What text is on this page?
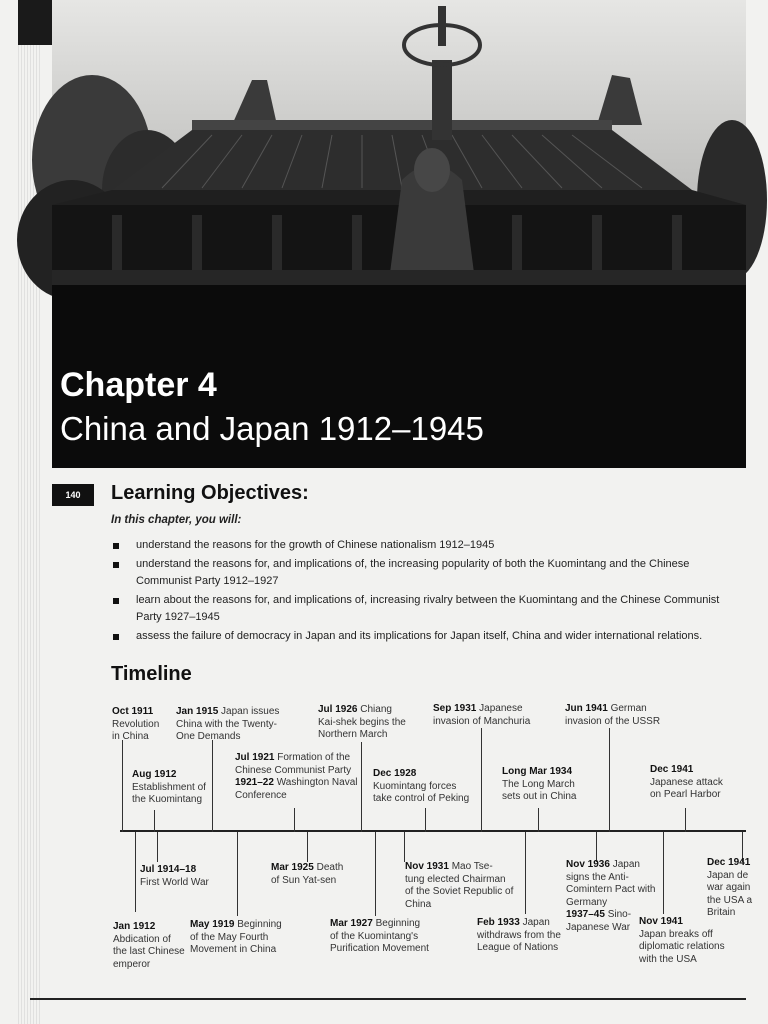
Chapter 4
China and Japan 1912–1945
140	Learning Objectives:
In this chapter, you will:
understand the reasons for the growth of Chinese nationalism 1912–1945
understand the reasons for, and implications of, the increasing popularity of both the Kuomintang and the Chinese
Communist Party 1912–1927
learn about the reasons for, and implications of, increasing rivalry between the Kuomintang and the Chinese Communist
Party 1927–1945
assess the failure of democracy in Japan and its implications for Japan itself, China and wider international relations.
Timeline
Oct 1911
Revolution
in China
Jan 1915 Japan issues
China with the Twenty-
One Demands
Jul 1926 Chiang
Kai-shek begins the
Northern March
Sep 1931 Japanese
invasion of Manchuria
Jun 1941 German
invasion of the USSR
Jul 1921 Formation of the
Chinese Communist Party
1921–22 Washington Naval
Conference
Aug 1912
Establishment of
the Kuomintang
Dec 1928
Kuomintang forces
take control of Peking
Long Mar 1934
The Long March
sets out in China
Dec 1941
Japanese attack
on Pearl Harbor
Jul 1914–18
First World War
Mar 1925 Death
of Sun Yat-sen
Nov 1931 Mao Tse-
tung elected Chairman
of the Soviet Republic of
China
Nov 1936 Japan
signs the Anti-
Comintern Pact with
Germany
1937–45 Sino-
Japanese War
Dec 1941
Japan de
war again
the USA a
Britain
Jan 1912
Abdication of
the last Chinese
emperor
May 1919 Beginning
of the May Fourth
Movement in China
Mar 1927 Beginning
of the Kuomintang's
Purification Movement
Feb 1933 Japan
withdraws from the
League of Nations
Nov 1941
Japan breaks off
diplomatic relations
with the USA
